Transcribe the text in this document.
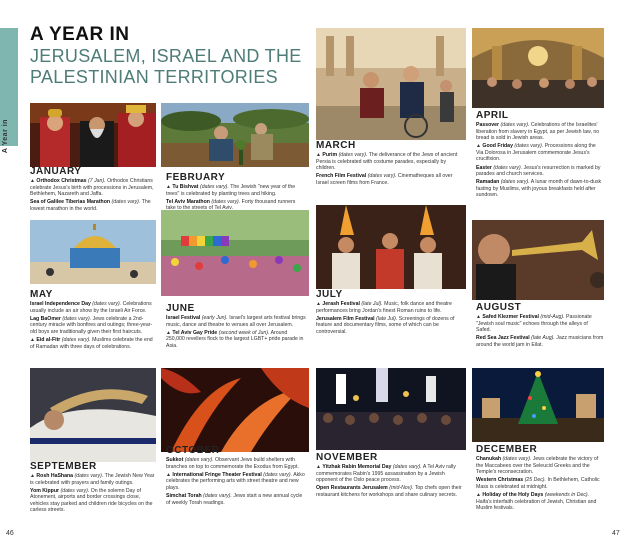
A Year in
A YEAR IN
JERUSALEM, ISRAEL AND THE PALESTINIAN TERRITORIES
JANUARY
▲ Orthodox Christmas (7 Jan). Orthodox Christians celebrate Jesus's birth with processions in Jerusalem, Bethlehem, Nazareth and Jaffa.
Sea of Galilee Tiberias Marathon (dates vary). The lowest marathon in the world.
FEBRUARY
▲ Tu Bishvat (dates vary). The Jewish "new year of the trees" is celebrated by planting trees and hiking.
Tel Aviv Marathon (dates vary). Forty thousand runners take to the streets of Tel Aviv.
MARCH
▲ Purim (dates vary). The deliverance of the Jews of ancient Persia is celebrated with costume parades, especially by children.
French Film Festival (dates vary). Cinematheques all over Israel screen films from France.
APRIL
Passover (dates vary). Celebrations of the Israelites' liberation from slavery in Egypt, as per Jewish law, no bread is sold in Jewish areas.
▲ Good Friday (dates vary). Processions along the Via Dolorosa in Jerusalem commemorate Jesus's crucifixion.
Easter (dates vary). Jesus's resurrection is marked by parades and church services.
Ramadan (dates vary). A lunar month of dawn-to-dusk fasting by Muslims, with joyous breakfasts held after sundown.
MAY
Israel Independence Day (dates vary). Celebrations usually include an air show by the Israeli Air Force.
Lag BaOmer (dates vary). Jews celebrate a 2nd-century miracle with bonfires and outings; three-year-old boys are traditionally given their first haircuts.
▲ Eid al-Fitr (dates vary). Muslims celebrate the end of Ramadan with three days of celebrations.
JUNE
Israel Festival (early Jun). Israel's largest arts festival brings music, dance and theatre to venues all over Jerusalem.
▲ Tel Aviv Gay Pride (second week of Jun). Around 250,000 revellers flock to the largest LGBT+ pride parade in Asia.
JULY
▲ Jerash Festival (late Jul). Music, folk dance and theatre performances bring Jordan's finest Roman ruins to life.
Jerusalem Film Festival (late Jul). Screenings of dozens of feature and documentary films, some of which can be controversial.
AUGUST
▲ Safed Klezmer Festival (mid-Aug). Passionate "Jewish soul music" echoes through the alleys of Safed.
Red Sea Jazz Festival (late Aug). Jazz musicians from around the world jam in Eilat.
SEPTEMBER
▲ Rosh HaShana (dates vary). The Jewish New Year is celebrated with prayers and family outings.
Yom Kippur (dates vary). On the solemn Day of Atonement, airports and border crossings close, vehicles stay parked and children ride bicycles on the carless streets.
OCTOBER
Sukkot (dates vary). Observant Jews build shelters with branches on top to commemorate the Exodus from Egypt.
▲ International Fringe Theater Festival (dates vary). Akko celebrates the performing arts with street theatre and new plays.
Simchat Torah (dates vary). Jews start a new annual cycle of weekly Torah readings.
NOVEMBER
▲ Yitzhak Rabin Memorial Day (dates vary). A Tel Aviv rally commemorates Rabin's 1995 assassination by a Jewish opponent of the Oslo peace process.
Open Restaurants Jerusalem (mid-Nov). Top chefs open their restaurant kitchens for workshops and share culinary secrets.
DECEMBER
Chanukah (dates vary). Jews celebrate the victory of the Maccabees over the Seleucid Greeks and the Temple's reconsecration.
Western Christmas (25 Dec). In Bethlehem, Catholic Mass is celebrated at midnight.
▲ Holiday of the Holy Days (weekends in Dec). Haifa's interfaith celebration of Jewish, Christian and Muslim festivals.
46	47
